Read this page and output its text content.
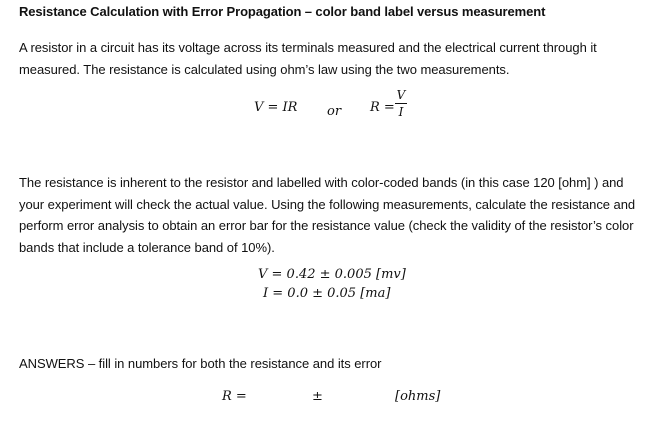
Resistance Calculation with Error Propagation – color band label versus measurement
A resistor in a circuit has its voltage across its terminals measured and the electrical current through it measured. The resistance is calculated using ohm’s law using the two measurements.
V = IR or R =
V
I
The resistance is inherent to the resistor and labelled with color-coded bands (in this case 120 [ohm] ) and your experiment will check the actual value. Using the following measurements, calculate the resistance and perform error analysis to obtain an error bar for the resistance value (check the validity of the resistor’s color bands that include a tolerance band of 10%).
V = 0.42 ± 0.005 [mv]
I = 0.0 ± 0.05 [ma]
ANSWERS – fill in numbers for both the resistance and its error
R =	±	[ohms]
